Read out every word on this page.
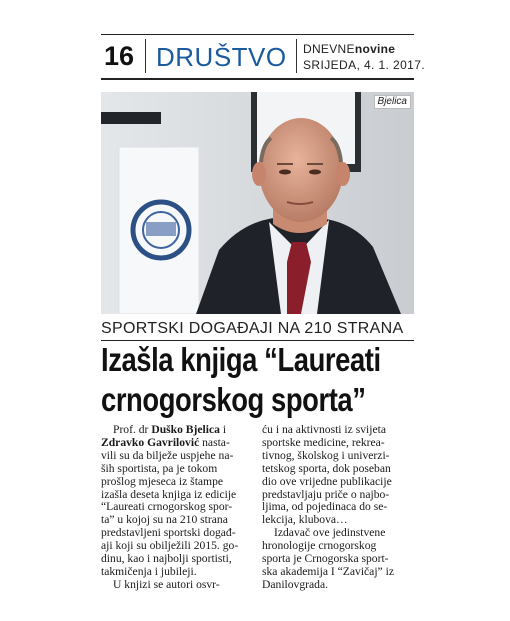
16 DRUŠTVO DNEVNEnovine
SRIJEDA, 4. 1. 2017.
Bjelica
SPORTSKI DOGAĐAJI NA 210 STRANA
Izašla knjiga “Laureati
crnogorskog sporta”
Prof. dr Duško Bjelica i
Zdravko Gavrilović nasta-
vili su da bilježe uspjehe na-
ših sportista, pa je tokom
prošlog mjeseca iz štampe
izašla deseta knjiga iz edicije
“Laureati crnogorskog spor-
ta” u kojoj su na 210 strana
predstavljeni sportski događ-
aji koji su obilježili 2015. go-
dinu, kao i najbolji sportisti,
takmičenja i jubileji.
U knjizi se autori osvr-
ću i na aktivnosti iz svijeta
sportske medicine, rekrea-
tivnog, školskog i univerzi-
tetskog sporta, dok poseban
dio ove vrijedne publikacije
predstavljaju priče o najbo-
ljima, od pojedinaca do se-
lekcija, klubova…
Izdavač ove jedinstvene
hronologije crnogorskog
sporta je Crnogorska sport-
ska akademija I “Zavičaj” iz
Danilovgrada.
